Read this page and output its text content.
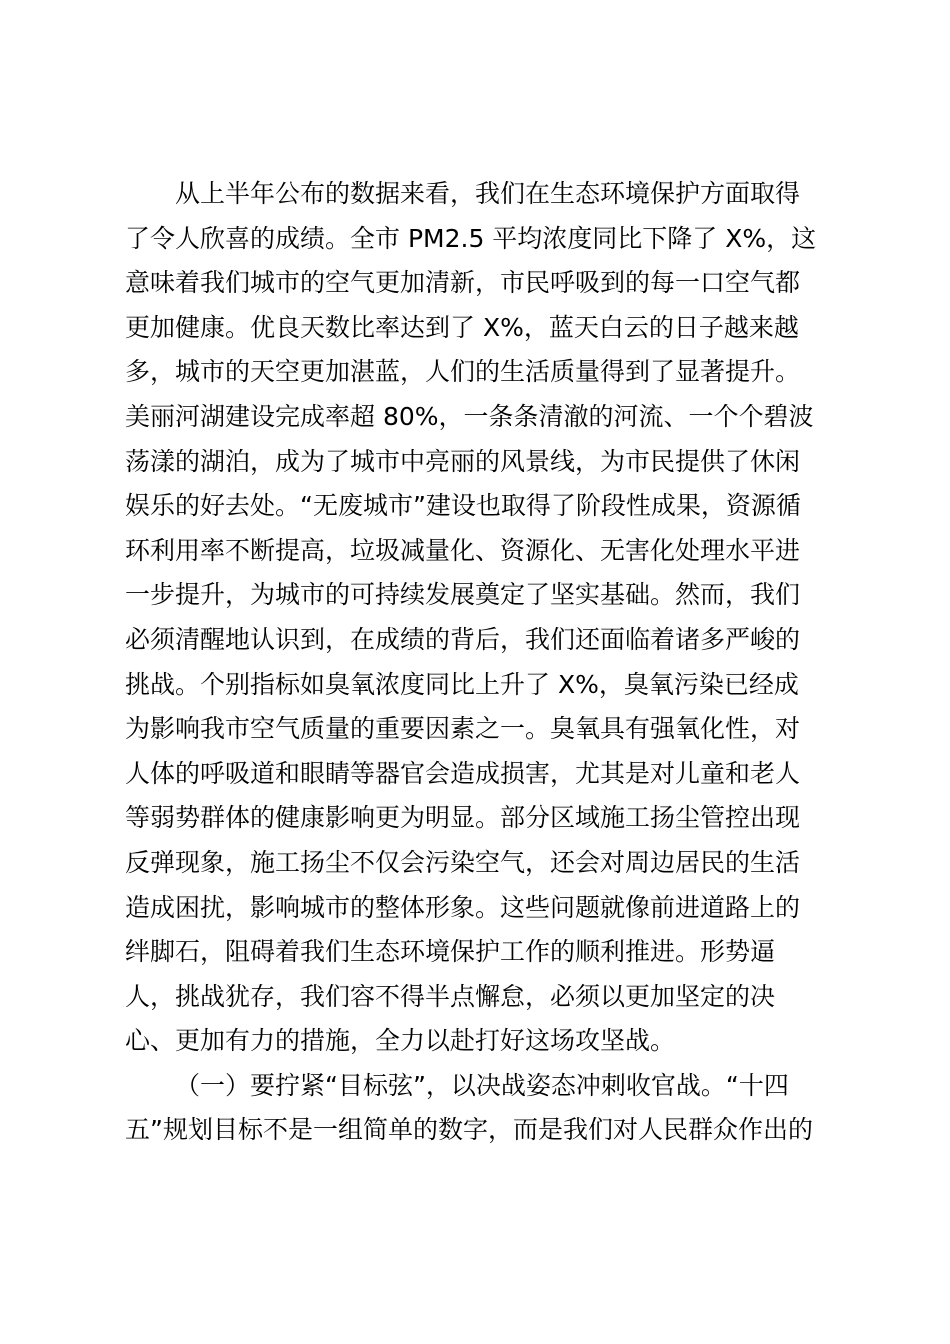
从上半年公布的数据来看，我们在生态环境保护方面取得
了令人欣喜的成绩。全市 PM2.5 平均浓度同比下降了 X%，这
意味着我们城市的空气更加清新，市民呼吸到的每一口空气都
更加健康。优良天数比率达到了 X%，蓝天白云的日子越来越
多，城市的天空更加湛蓝，人们的生活质量得到了显著提升。
美丽河湖建设完成率超 80%，一条条清澈的河流、一个个碧波
荡漾的湖泊，成为了城市中亮丽的风景线，为市民提供了休闲
娱乐的好去处。“无废城市”建设也取得了阶段性成果，资源循
环利用率不断提高，垃圾减量化、资源化、无害化处理水平进
一步提升，为城市的可持续发展奠定了坚实基础。然而，我们
必须清醒地认识到，在成绩的背后，我们还面临着诸多严峻的
挑战。个别指标如臭氧浓度同比上升了 X%，臭氧污染已经成
为影响我市空气质量的重要因素之一。臭氧具有强氧化性，对
人体的呼吸道和眼睛等器官会造成损害，尤其是对儿童和老人
等弱势群体的健康影响更为明显。部分区域施工扬尘管控出现
反弹现象，施工扬尘不仅会污染空气，还会对周边居民的生活
造成困扰，影响城市的整体形象。这些问题就像前进道路上的
绊脚石，阻碍着我们生态环境保护工作的顺利推进。形势逼
人，挑战犹存，我们容不得半点懈怠，必须以更加坚定的决
心、更加有力的措施，全力以赴打好这场攻坚战。
（一）要拧紧“目标弦”，以决战姿态冲刺收官战。“十四
五”规划目标不是一组简单的数字，而是我们对人民群众作出的
